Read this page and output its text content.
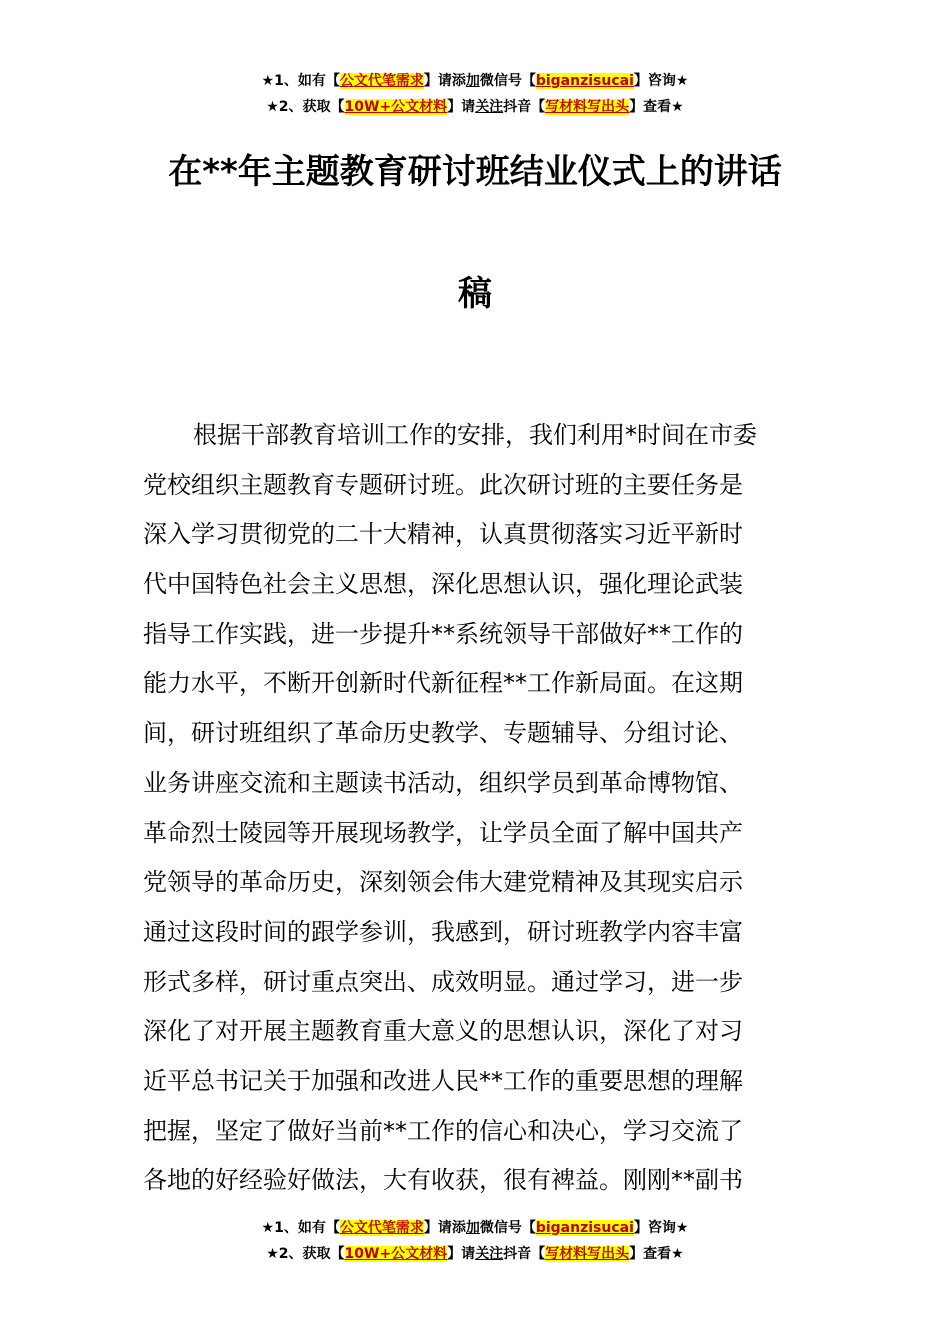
★1、如有【公文代笔需求】请添加微信号【biganzisucai】咨询★
★2、获取【10W+公文材料】请关注抖音【写材料写出头】查看★
在**年主题教育研讨班结业仪式上的讲话
稿
根据干部教育培训工作的安排，我们利用*时间在市委
党校组织主题教育专题研讨班。此次研讨班的主要任务是
深入学习贯彻党的二十大精神，认真贯彻落实习近平新时
代中国特色社会主义思想，深化思想认识，强化理论武装
指导工作实践，进一步提升**系统领导干部做好**工作的
能力水平，不断开创新时代新征程**工作新局面。在这期
间，研讨班组织了革命历史教学、专题辅导、分组讨论、
业务讲座交流和主题读书活动，组织学员到革命博物馆、
革命烈士陵园等开展现场教学，让学员全面了解中国共产
党领导的革命历史，深刻领会伟大建党精神及其现实启示
通过这段时间的跟学参训，我感到，研讨班教学内容丰富
形式多样，研讨重点突出、成效明显。通过学习，进一步
深化了对开展主题教育重大意义的思想认识，深化了对习
近平总书记关于加强和改进人民**工作的重要思想的理解
把握，坚定了做好当前**工作的信心和决心，学习交流了
各地的好经验好做法，大有收获，很有裨益。刚刚**副书
★1、如有【公文代笔需求】请添加微信号【biganzisucai】咨询★
★2、获取【10W+公文材料】请关注抖音【写材料写出头】查看★
